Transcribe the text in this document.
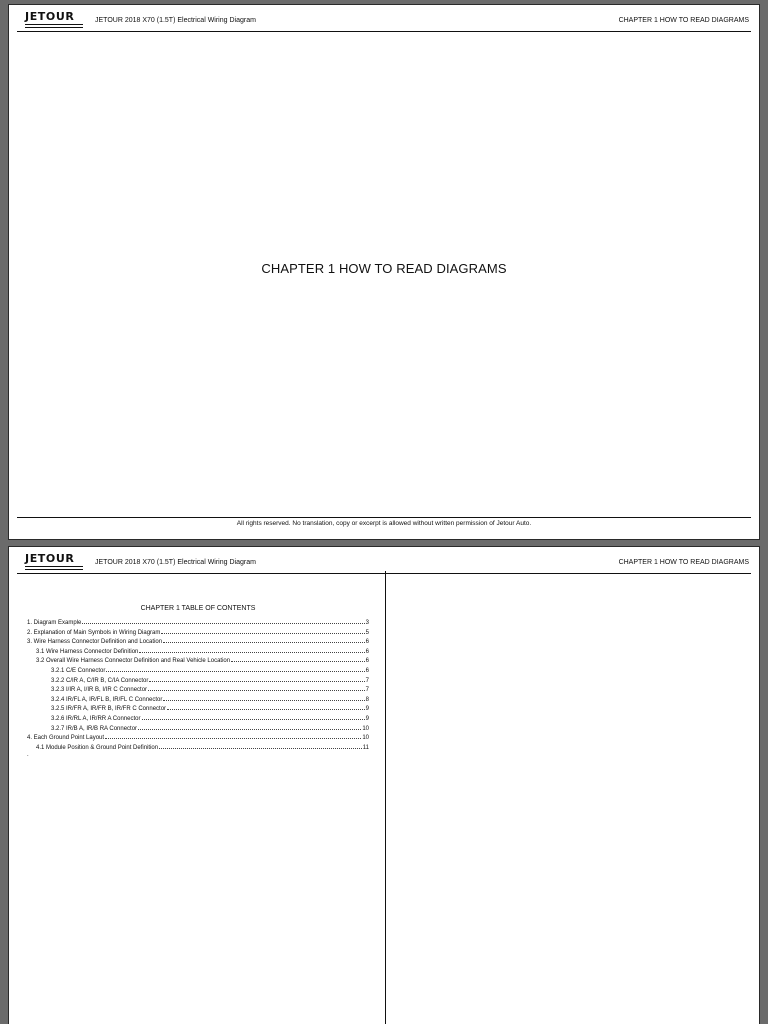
JETOUR	JETOUR 2018 X70 (1.5T) Electrical Wiring Diagram	CHAPTER 1 HOW TO READ DIAGRAMS
CHAPTER 1 HOW TO READ DIAGRAMS
All rights reserved. No translation, copy or excerpt is allowed without written permission of Jetour Auto.
JETOUR	JETOUR 2018 X70 (1.5T) Electrical Wiring Diagram	CHAPTER 1 HOW TO READ DIAGRAMS
CHAPTER 1 TABLE OF CONTENTS
1. Diagram Example	3
2. Explanation of Main Symbols in Wiring Diagram	5
3. Wire Harness Connector Definition and Location	6
3.1 Wire Harness Connector Definition	6
3.2 Overall Wire Harness Connector Definition and Real Vehicle Location	6
3.2.1 C/E Connector	6
3.2.2 C/IR A, C/IR B, C/IA Connector	7
3.2.3 I/IR A, I/IR B, I/IR C Connector	7
3.2.4 IR/FL A, IR/FL B, IR/FL C Connector	8
3.2.5 IR/FR A, IR/FR B, IR/FR C Connector	9
3.2.6 IR/RL A, IR/RR A Connector	9
3.2.7 IR/B A, IR/B RA Connector	10
4. Each Ground Point Layout	10
4.1 Module Position & Ground Point Definition	11
.
